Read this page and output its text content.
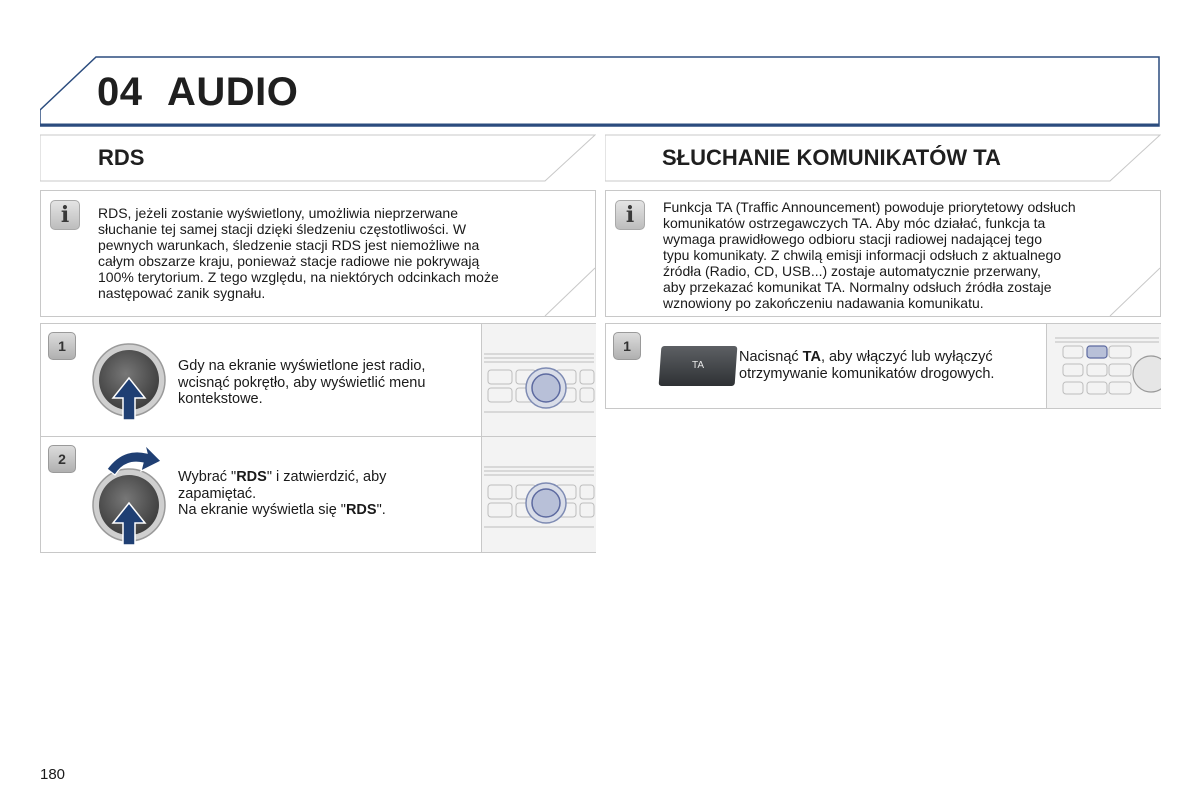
04 AUDIO
RDS	SŁUCHANIE KOMUNIKATÓW TA
i	RDS, jeżeli zostanie wyświetlony, umożliwia nieprzerwane
słuchanie tej samej stacji dzięki śledzeniu częstotliwości. W
pewnych warunkach, śledzenie stacji RDS jest niemożliwe na
całym obszarze kraju, ponieważ stacje radiowe nie pokrywają
100% terytorium. Z tego względu, na niektórych odcinkach może
następować zanik sygnału.
i	Funkcja TA (Traffic Announcement) powoduje priorytetowy odsłuch
komunikatów ostrzegawczych TA. Aby móc działać, funkcja ta
wymaga prawidłowego odbioru stacji radiowej nadającej tego
typu komunikaty. Z chwilą emisji informacji odsłuch z aktualnego
źródła (Radio, CD, USB...) zostaje automatycznie przerwany,
aby przekazać komunikat TA. Normalny odsłuch źródła zostaje
wznowiony po zakończeniu nadawania komunikatu.
1
Gdy na ekranie wyświetlone jest radio,
wcisnąć pokrętło, aby wyświetlić menu
kontekstowe.
2
Wybrać "RDS" i zatwierdzić, aby
zapamiętać.
Na ekranie wyświetla się "RDS".
1
Nacisnąć TA, aby włączyć lub wyłączyć
otrzymywanie komunikatów drogowych.
TA
180
